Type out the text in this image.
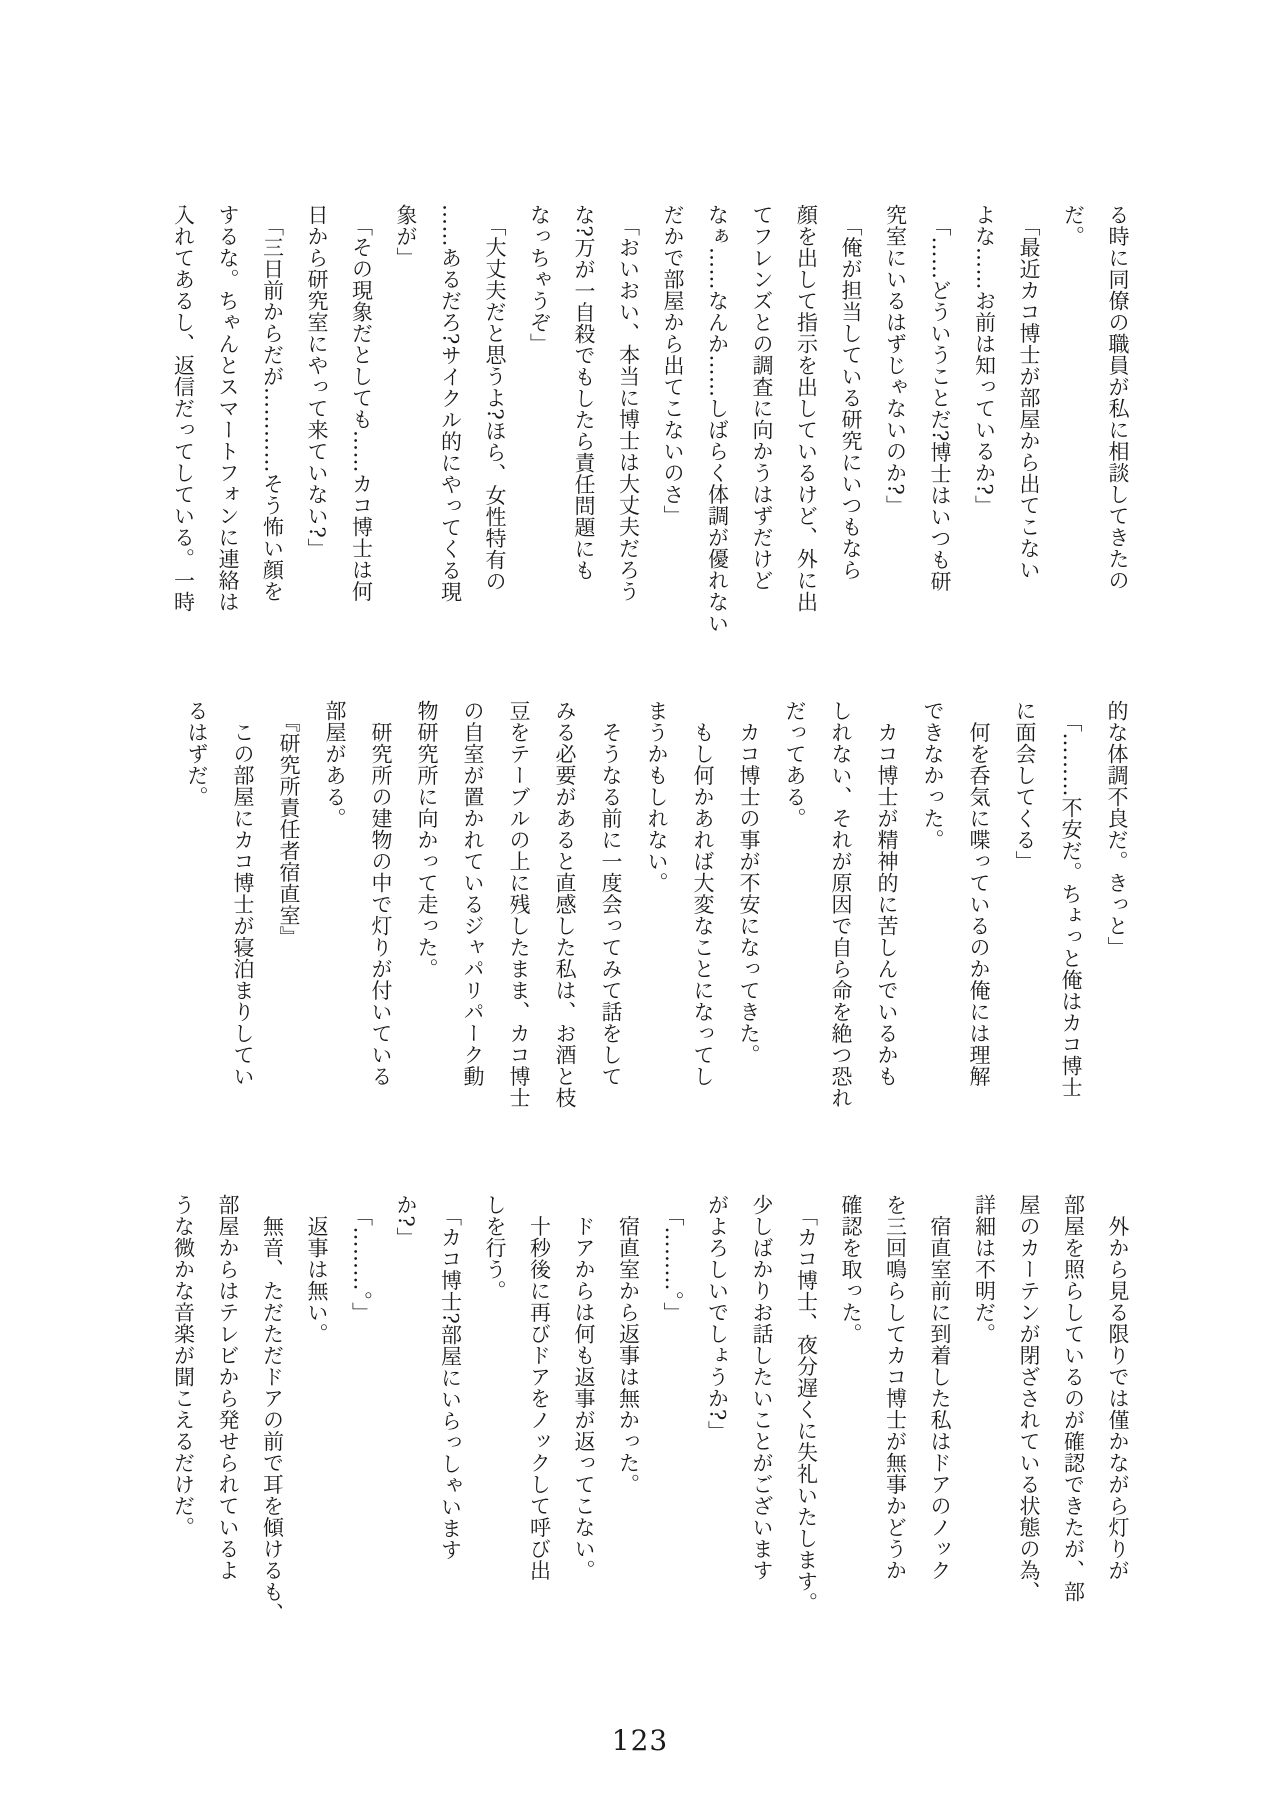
る時に同僚の職員が私に相談してきたの
だ。
　「最近カコ博士が部屋から出てこない
よな……お前は知っているか?」
　「……どういうことだ?博士はいつも研
究室にいるはずじゃないのか?」
　「俺が担当している研究にいつもなら
顔を出して指示を出しているけど、外に出
てフレンズとの調査に向かうはずだけど
なぁ……なんか……しばらく体調が優れない
だかで部屋から出てこないのさ」
　「おいおい、本当に博士は大丈夫だろう
な?万が一自殺でもしたら責任問題にも
なっちゃうぞ」
　「大丈夫だと思うよ?ほら、女性特有の
……あるだろ?サイクル的にやってくる現
象が」
　「その現象だとしても……カコ博士は何
日から研究室にやって来ていない?」
　「三日前からだが…………そう怖い顔を
するな。ちゃんとスマートフォンに連絡は
入れてあるし、返信だってしている。一時
的な体調不良だ。きっと」
　「………不安だ。ちょっと俺はカコ博士
に面会してくる」
　何を呑気に喋っているのか俺には理解
できなかった。
　カコ博士が精神的に苦しんでいるかも
しれない、それが原因で自ら命を絶つ恐れ
だってある。
　カコ博士の事が不安になってきた。
　もし何かあれば大変なことになってし
まうかもしれない。
　そうなる前に一度会ってみて話をして
みる必要があると直感した私は、お酒と枝
豆をテーブルの上に残したまま、カコ博士
の自室が置かれているジャパリパーク動
物研究所に向かって走った。
　研究所の建物の中で灯りが付いている
部屋がある。
　『研究所責任者宿直室』
　この部屋にカコ博士が寝泊まりしてい
るはずだ。
　外から見る限りでは僅かながら灯りが
部屋を照らしているのが確認できたが、部
屋のカーテンが閉ざされている状態の為、
詳細は不明だ。
　宿直室前に到着した私はドアのノック
を三回鳴らしてカコ博士が無事かどうか
確認を取った。
　「カコ博士、夜分遅くに失礼いたします。
少しばかりお話したいことがございます
がよろしいでしょうか?」
　「………。」
　宿直室から返事は無かった。
　ドアからは何も返事が返ってこない。
　十秒後に再びドアをノックして呼び出
しを行う。
　「カコ博士?部屋にいらっしゃいます
か?」
　「………。」
　返事は無い。
　無音、ただただドアの前で耳を傾けるも、
部屋からはテレビから発せられているよ
うな微かな音楽が聞こえるだけだ。
123
